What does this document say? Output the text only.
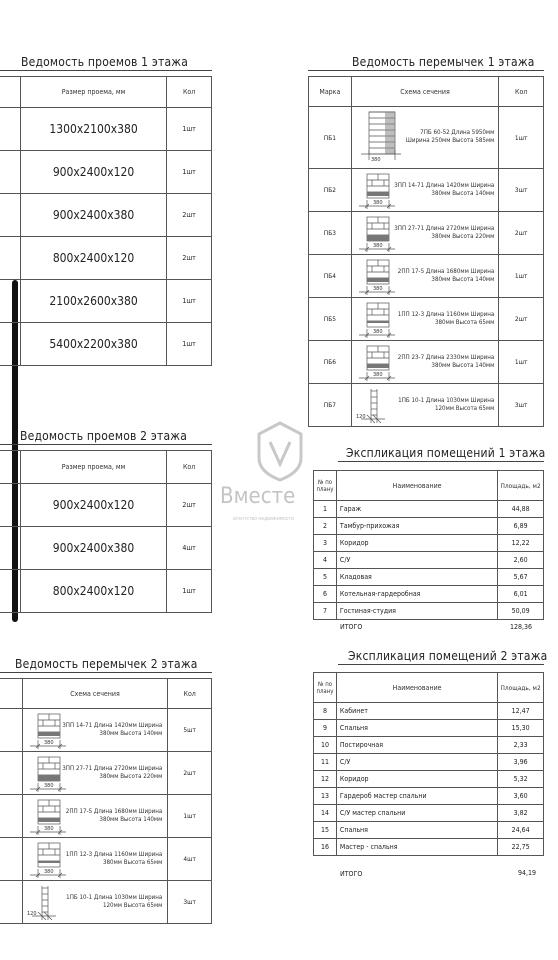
Вместе
агентство недвижимости
Ведомость проемов 1 этажа
	Размер проема, мм	Кол
	1300х2100х380	1шт
	900х2400х120	1шт
	900х2400х380	2шт
	800х2400х120	2шт
	2100х2600х380	1шт
	5400х2200х380	1шт
Ведомость проемов 2 этажа
	Размер проема, мм	Кол
	900х2400х120	2шт
	900х2400х380	4шт
	800х2400х120	1шт
Ведомость перемычек 2 этажа
	Схема сечения	Кол

380
3ПП 14-71 Длина 1420мм Ширина
380мм Высота 140мм	5шт

380
3ПП 27-71 Длина 2720мм Ширина
380мм Высота 220мм	2шт

380
2ПП 17-5 Длина 1680мм Ширина
380мм Высота 140мм	1шт

380
1ПП 12-3 Длина 1160мм Ширина
380мм Высота 65мм	4шт

120
1ПБ 10-1 Длина 1030мм Ширина
120мм Высота 65мм	3шт
Ведомость перемычек 1 этажа
Марка	Схема сечения	Кол
ПБ1	380
7ПБ 60-52 Длина 5950мм
Ширина 250мм Высота 585мм	1шт
ПБ2	380
3ПП 14-71 Длина 1420мм Ширина
380мм Высота 140мм	3шт
ПБ3	380
3ПП 27-71 Длина 2720мм Ширина
380мм Высота 220мм	2шт
ПБ4	380
2ПП 17-5 Длина 1680мм Ширина
380мм Высота 140мм	1шт
ПБ5	380
1ПП 12-3 Длина 1160мм Ширина
380мм Высота 65мм	2шт
ПБ6	380
2ПП 23-7 Длина 2330мм Ширина
380мм Высота 140мм	1шт
ПБ7	120
1ПБ 10-1 Длина 1030мм Ширина
120мм Высота 65мм	3шт
Экспликация помещений 1 этажа
№ по плану	Наименование	Площадь, м2
1	Гараж	44,88
2	Тамбур-прихожая	6,89
3	Коридор	12,22
4	С/У	2,60
5	Кладовая	5,67
6	Котельная-гардеробная	6,01
7	Гостиная-студия	50,09
ИТОГО	128,36
Экспликация помещений 2 этажа
№ по плану	Наименование	Площадь, м2
8	Кабинет	12,47
9	Спальня	15,30
10	Постирочная	2,33
11	С/У	3,96
12	Коридор	5,32
13	Гардероб мастер спальни	3,60
14	С/У мастер спальни	3,82
15	Спальня	24,64
16	Мастер - спальня	22,75
ИТОГО	94,19
